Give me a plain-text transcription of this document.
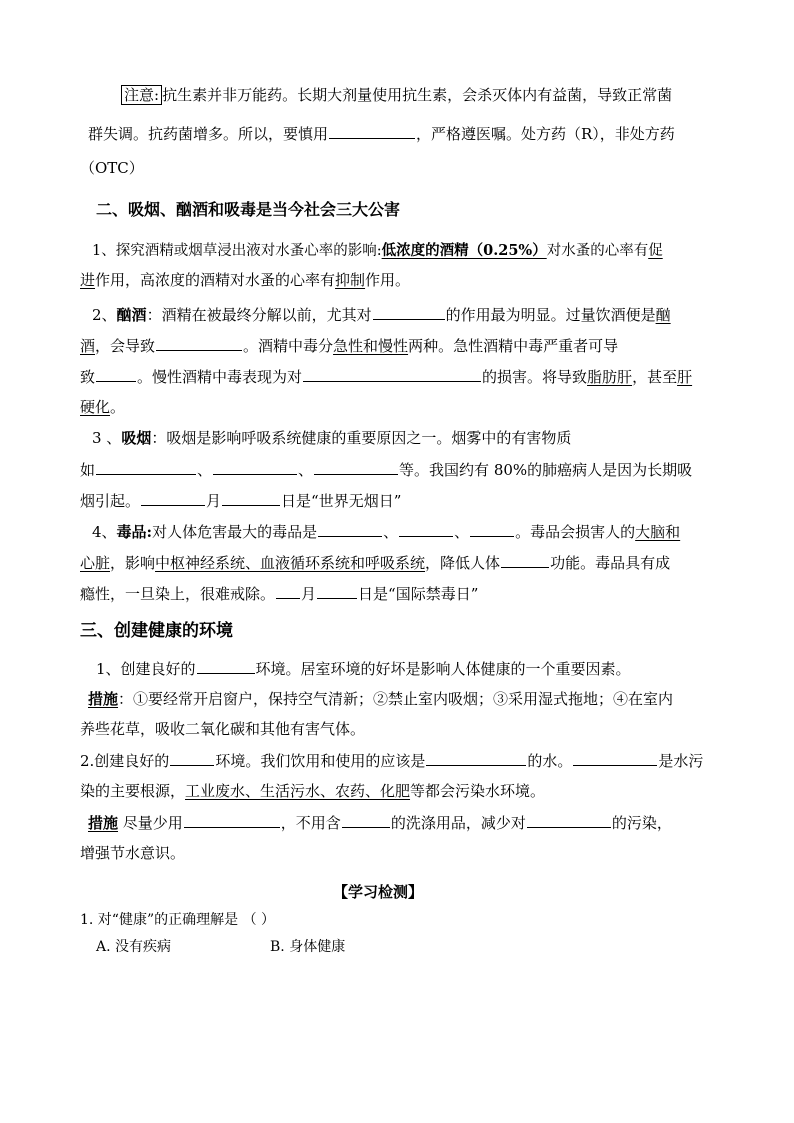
注意: 抗生素并非万能药。长期大剂量使用抗生素，会杀灭体内有益菌，导致正常菌
群失调。抗药菌增多。所以，要慎用	，严格遵医嘱。处方药（R），非处方药
（OTC）
二、吸烟、酗酒和吸毒是当今社会三大公害
1、探究酒精或烟草浸出液对水蚤心率的影响:低浓度的酒精（0.25%）对水蚤的心率有促
进作用，高浓度的酒精对水蚤的心率有抑制作用。
2、酗酒：酒精在被最终分解以前，尤其对	的作用最为明显。过量饮酒便是酗
酒，会导致	。酒精中毒分急性和慢性两种。急性酒精中毒严重者可导
致	。慢性酒精中毒表现为对	的损害。将导致脂肪肝，甚至肝
硬化。
3 、吸烟：吸烟是影响呼吸系统健康的重要原因之一。烟雾中的有害物质
如	、	、	等。我国约有 80%的肺癌病人是因为长期吸
烟引起。	月	日是“世界无烟日”
4、毒品:对人体危害最大的毒品是	、	、	。毒品会损害人的大脑和
心脏，影响中枢神经系统、血液循环系统和呼吸系统，降低人体	功能。毒品具有成
瘾性，一旦染上，很难戒除。 月	日是“国际禁毒日”
三、创建健康的环境
1、创建良好的	环境。居室环境的好坏是影响人体健康的一个重要因素。
措施：①要经常开启窗户，保持空气清新；②禁止室内吸烟；③采用湿式拖地；④在室内
养些花草，吸收二氧化碳和其他有害气体。
2.创建良好的	环境。我们饮用和使用的应该是	的水。	是水污
染的主要根源，工业废水、生活污水、农药、化肥等都会污染水环境。
措施 尽量少用	，不用含	的洗涤用品，减少对	的污染，
增强节水意识。
【学习检测】
1. 对“健康”的正确理解是 （ ）
A. 没有疾病	B. 身体健康
